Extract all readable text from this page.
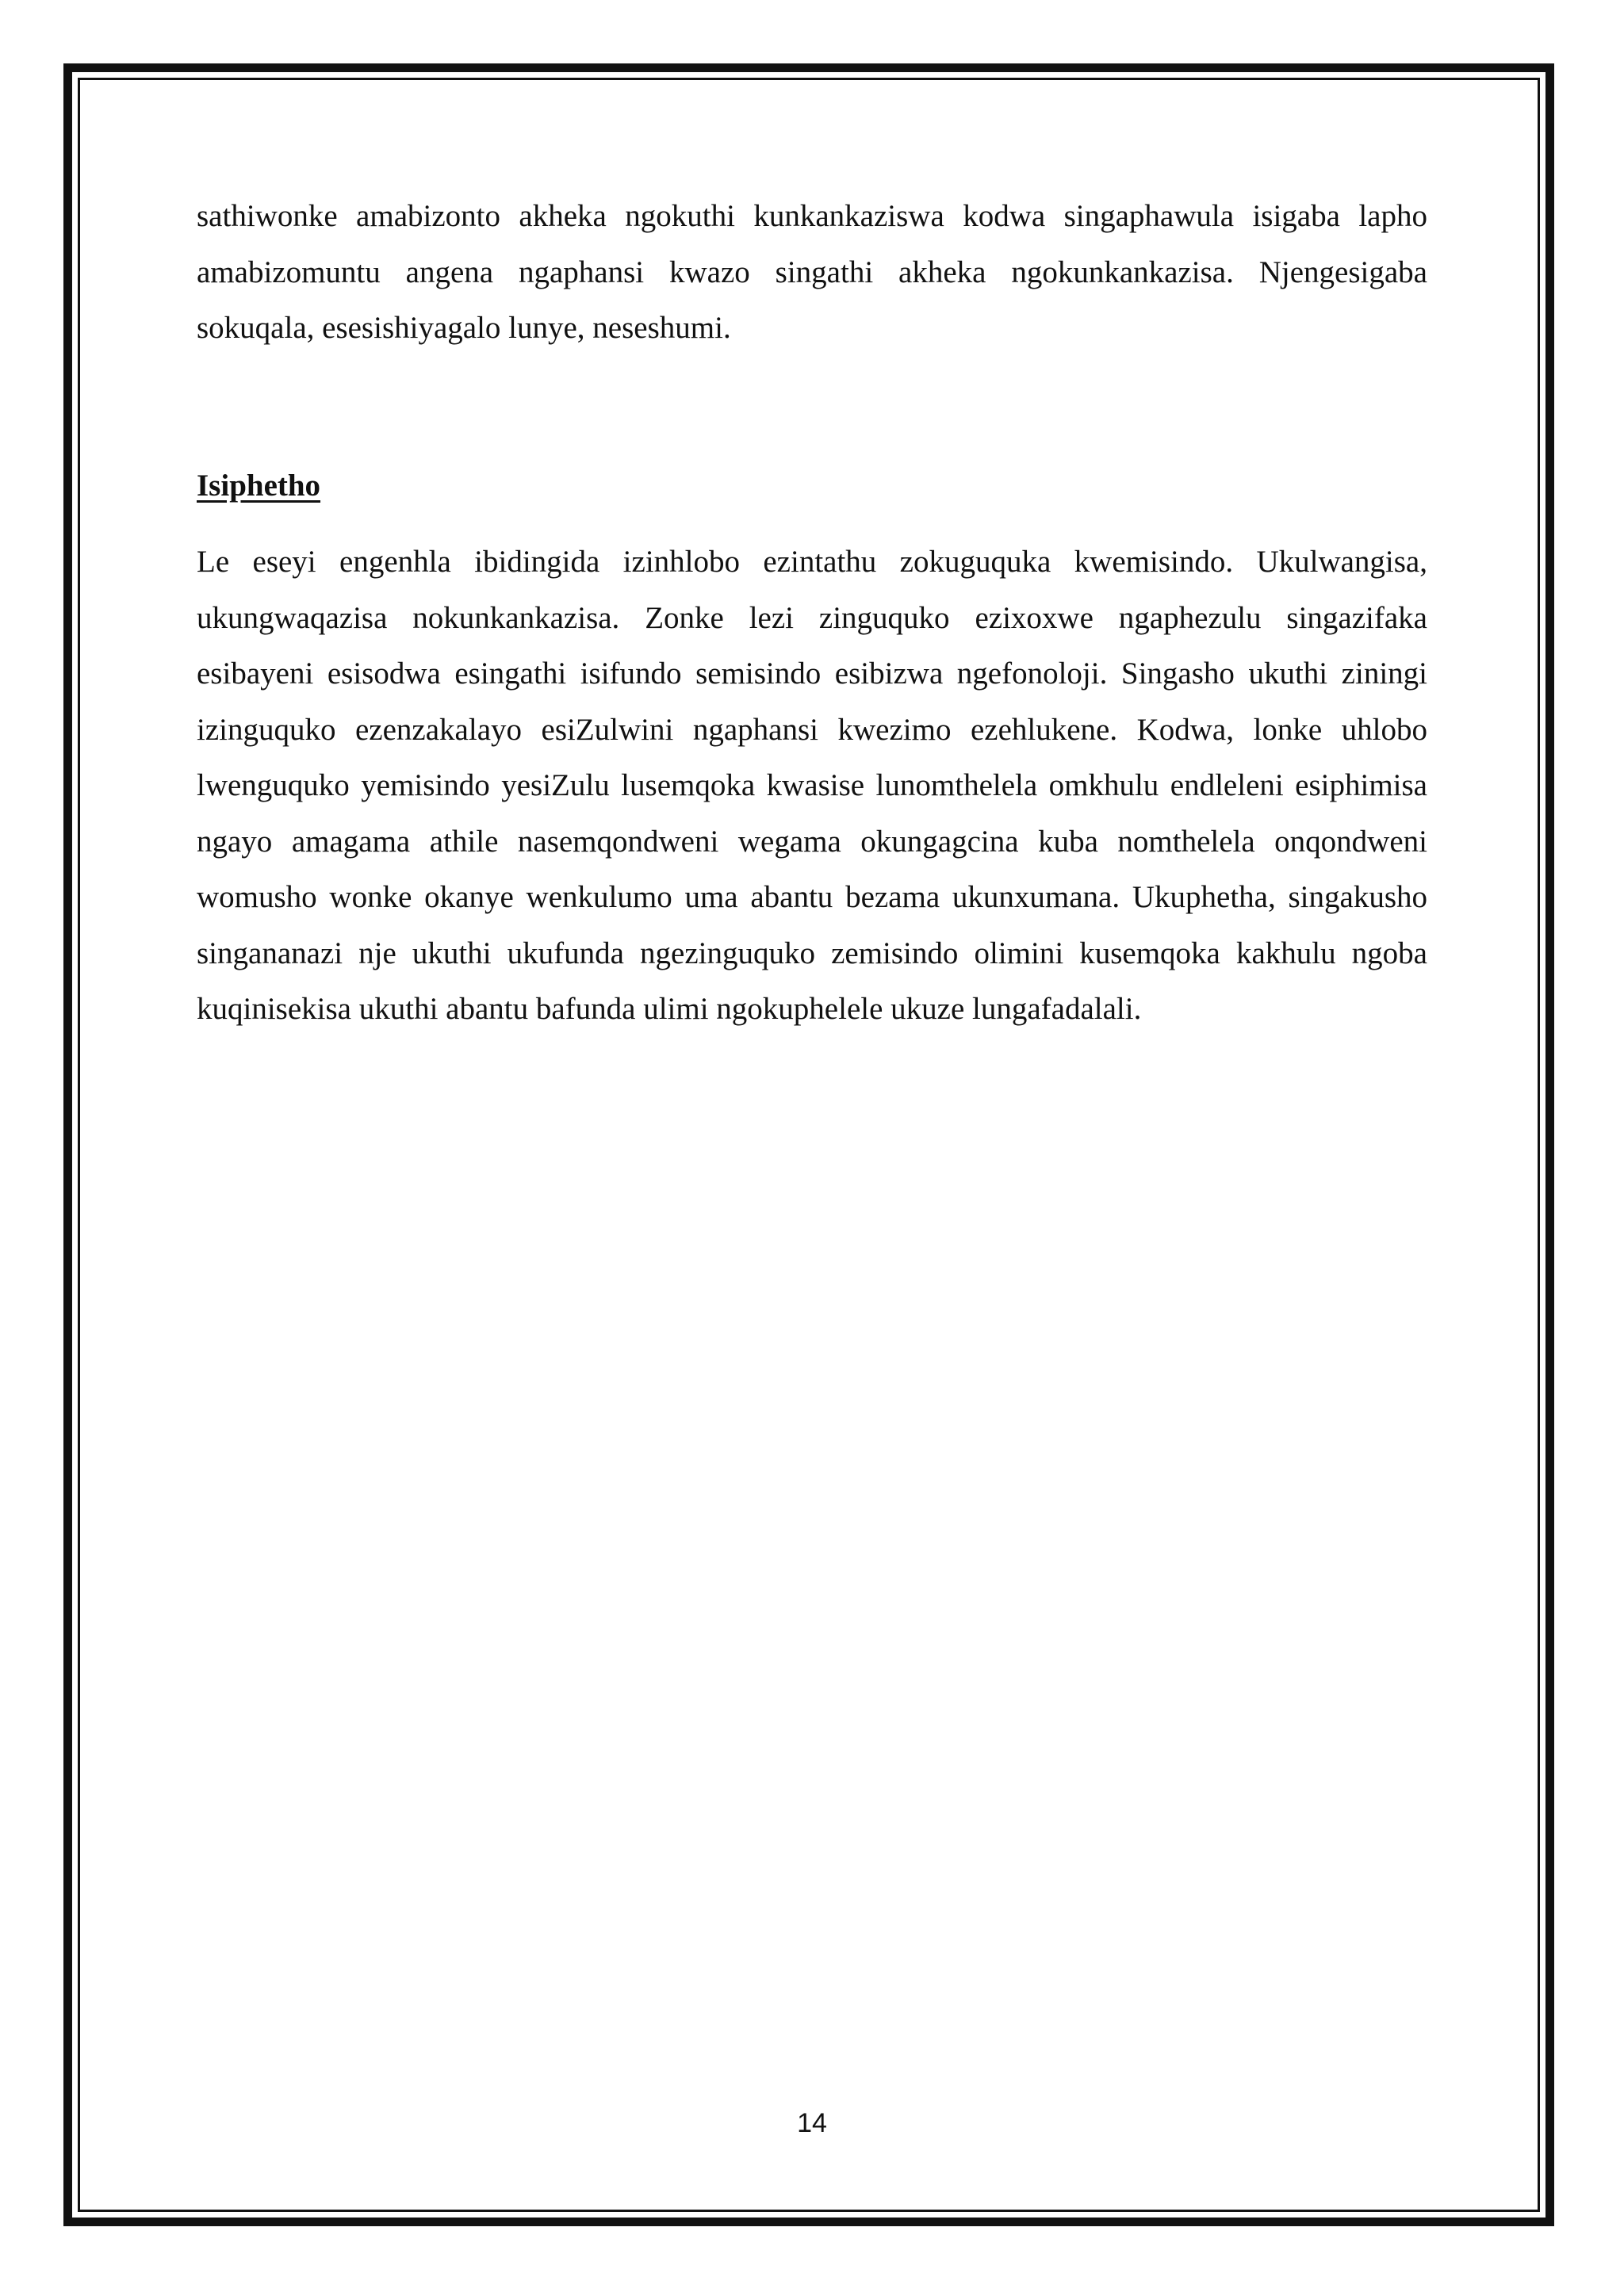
sathiwonke amabizonto akheka ngokuthi kunkankaziswa kodwa singaphawula isigaba lapho amabizomuntu angena ngaphansi kwazo singathi akheka ngokunkankazisa. Njengesigaba sokuqala, esesishiyagalo lunye, neseshumi.

Isiphetho

Le eseyi engenhla ibidingida izinhlobo ezintathu zokuguquka kwemisindo. Ukulwangisa, ukungwaqazisa nokunkankazisa. Zonke lezi zinguquko ezixoxwe ngaphezulu singazifaka esibayeni esisodwa esingathi isifundo semisindo esibizwa ngefonoloji. Singasho ukuthi ziningi izinguquko ezenzakalayo esiZulwini ngaphansi kwezimo ezehlukene. Kodwa, lonke uhlobo lwenguquko yemisindo yesiZulu lusemqoka kwasise lunomthelela omkhulu endleleni esiphimisa ngayo amagama athile nasemqondweni wegama okungagcina kuba nomthelela onqondweni womusho wonke okanye wenkulumo uma abantu bezama ukunxumana. Ukuphetha, singakusho singananazi nje ukuthi ukufunda ngezinguquko zemisindo olimini kusemqoka kakhulu ngoba kuqinisekisa ukuthi abantu bafunda ulimi ngokuphelele ukuze lungafadalali.

14
